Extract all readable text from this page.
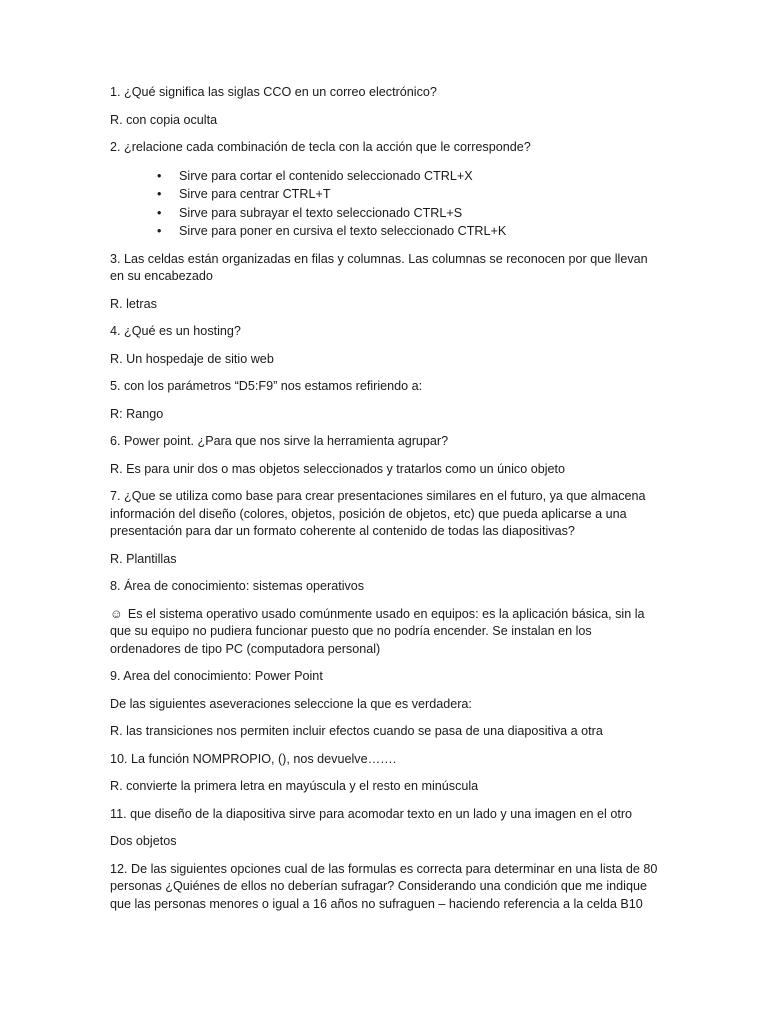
1. ¿Qué significa las siglas CCO en un correo electrónico?

R. con copia oculta

2. ¿relacione cada combinación de tecla con la acción que le corresponde?

• Sirve para cortar el contenido seleccionado CTRL+X
• Sirve para centrar CTRL+T
• Sirve para subrayar el texto seleccionado CTRL+S
• Sirve para poner en cursiva el texto seleccionado CTRL+K

3. Las celdas están organizadas en filas y columnas. Las columnas se reconocen por que llevan en su encabezado

R. letras

4. ¿Qué es un hosting?

R. Un hospedaje de sitio web

5. con los parámetros “D5:F9” nos estamos refiriendo a:

R: Rango

6. Power point. ¿Para que nos sirve la herramienta agrupar?

R. Es para unir dos o mas objetos seleccionados y tratarlos como un único objeto

7. ¿Que se utiliza como base para crear presentaciones similares en el futuro, ya que almacena información del diseño (colores, objetos, posición de objetos, etc) que pueda aplicarse a una presentación para dar un formato coherente al contenido de todas las diapositivas?

R. Plantillas

8. Área de conocimiento: sistemas operativos

☺ Es el sistema operativo usado comúnmente usado en equipos: es la aplicación básica, sin la que su equipo no pudiera funcionar puesto que no podría encender. Se instalan en los ordenadores de tipo PC (computadora personal)

9. Area del conocimiento: Power Point

De las siguientes aseveraciones seleccione la que es verdadera:

R. las transiciones nos permiten incluir efectos cuando se pasa de una diapositiva a otra

10. La función NOMPROPIO, (), nos devuelve…….

R. convierte la primera letra en mayúscula y el resto en minúscula

11. que diseño de la diapositiva sirve para acomodar texto en un lado y una imagen en el otro

Dos objetos

12. De las siguientes opciones cual de las formulas es correcta para determinar en una lista de 80 personas ¿Quiénes de ellos no deberían sufragar? Considerando una condición que me indique que las personas menores o igual a 16 años no sufraguen – haciendo referencia a la celda B10
